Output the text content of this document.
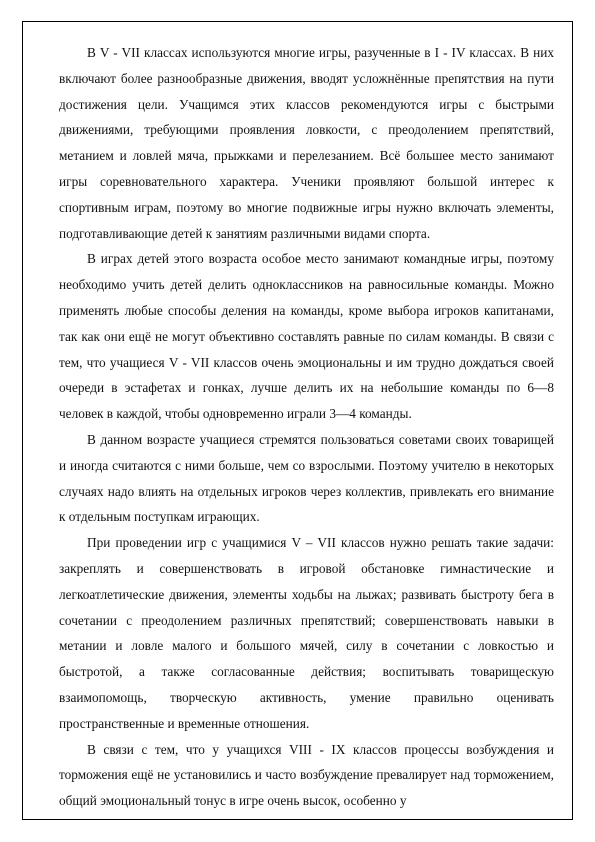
В V - VII классах используются многие игры, разученные в I - IV классах. В них включают более разнообразные движения, вводят усложнённые препятствия на пути достижения цели. Учащимся этих классов рекомендуются игры с быстрыми движениями, требующими проявления ловкости, с преодолением препятствий, метанием и ловлей мяча, прыжками и перелезанием. Всё большее место занимают игры соревновательного характера. Ученики проявляют большой интерес к спортивным играм, поэтому во многие подвижные игры нужно включать элементы, подготавливающие детей к занятиям различными видами спорта.

В играх детей этого возраста особое место занимают командные игры, поэтому необходимо учить детей делить одноклассников на равносильные команды. Можно применять любые способы деления на команды, кроме выбора игроков капитанами, так как они ещё не могут объективно составлять равные по силам команды. В связи с тем, что учащиеся V - VII классов очень эмоциональны и им трудно дождаться своей очереди в эстафетах и гонках, лучше делить их на небольшие команды по 6—8 человек в каждой, чтобы одновременно играли 3—4 команды.

В данном возрасте учащиеся стремятся пользоваться советами своих товарищей и иногда считаются с ними больше, чем со взрослыми. Поэтому учителю в некоторых случаях надо влиять на отдельных игроков через коллектив, привлекать его внимание к отдельным поступкам играющих.

При проведении игр с учащимися V – VII классов нужно решать такие задачи: закреплять и совершенствовать в игровой обстановке гимнастические и легкоатлетические движения, элементы ходьбы на лыжах; развивать быстроту бега в сочетании с преодолением различных препятствий; совершенствовать навыки в метании и ловле малого и большого мячей, силу в сочетании с ловкостью и быстротой, а также согласованные действия; воспитывать товарищескую взаимопомощь, творческую активность, умение правильно оценивать пространственные и временные отношения.

В связи с тем, что у учащихся VIII - IX классов процессы возбуждения и торможения ещё не установились и часто возбуждение превалирует над торможением, общий эмоциональный тонус в игре очень высок, особенно у
